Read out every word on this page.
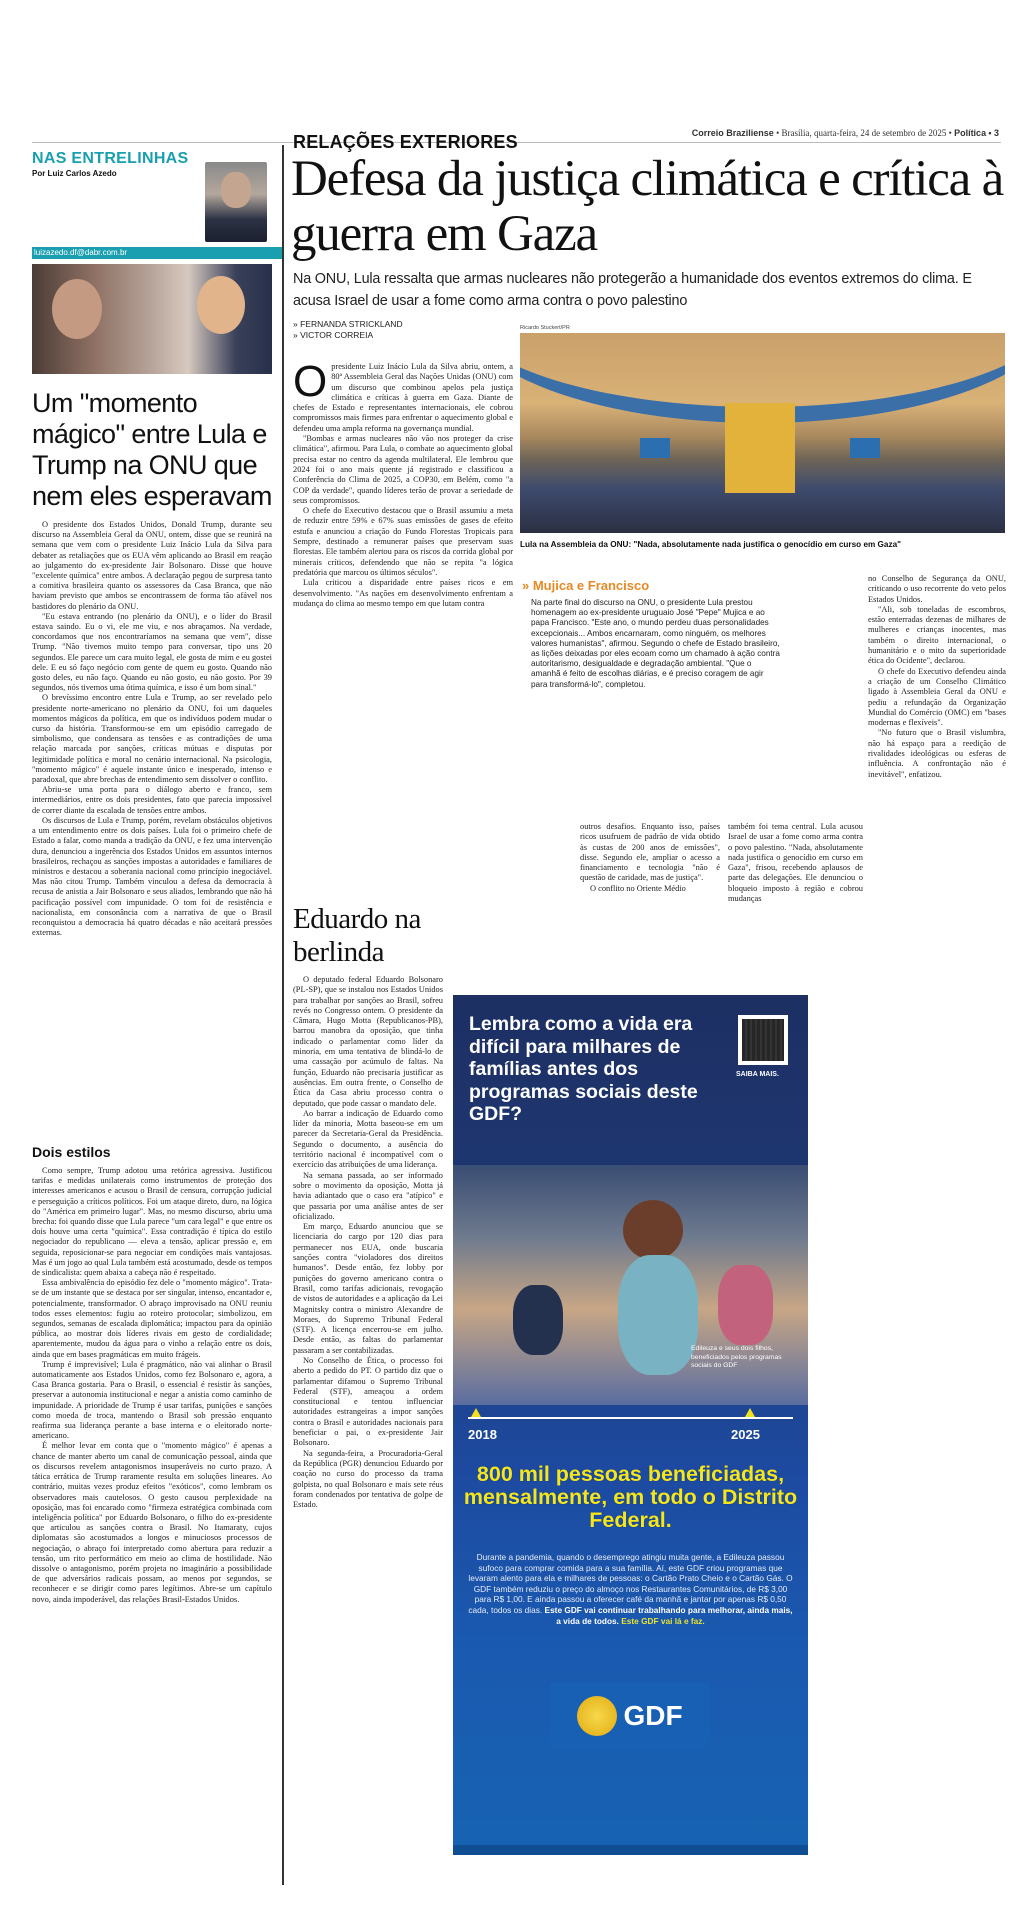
Correio Braziliense • Brasília, quarta-feira, 24 de setembro de 2025 • Política • 3
NAS ENTRELINHAS
Por Luiz Carlos Azedo
luizazedo.df@dabr.com.br
Um "momento mágico" entre Lula e Trump na ONU que nem eles esperavam

O presidente dos Estados Unidos, Donald Trump, durante seu discurso na Assembleia Geral da ONU, ontem, disse que se reunirá na semana que vem com o presidente Luiz Inácio Lula da Silva para debater as retaliações que os EUA vêm aplicando ao Brasil em reação ao julgamento do ex-presidente Jair Bolsonaro. Disse que houve "excelente química" entre ambos. A declaração pegou de surpresa tanto a comitiva brasileira quanto os assessores da Casa Branca, que não haviam previsto que ambos se encontrassem de forma tão afável nos bastidores do plenário da ONU.

"Eu estava entrando (no plenário da ONU), e o líder do Brasil estava saindo. Eu o vi, ele me viu, e nos abraçamos. Na verdade, concordamos que nos encontraríamos na semana que vem", disse Trump. "Não tivemos muito tempo para conversar, tipo uns 20 segundos. Ele parece um cara muito legal, ele gosta de mim e eu gostei dele. E eu só faço negócio com gente de quem eu gosto. Quando não gosto deles, eu não faço. Quando eu não gosto, eu não gosto. Por 39 segundos, nós tivemos uma ótima química, e isso é um bom sinal."

O brevíssimo encontro entre Lula e Trump, ao ser revelado pelo presidente norte-americano no plenário da ONU, foi um daqueles momentos mágicos da política, em que os indivíduos podem mudar o curso da história. Transformou-se em um episódio carregado de simbolismo, que condensara as tensões e as contradições de uma relação marcada por sanções, críticas mútuas e disputas por legitimidade política e moral no cenário internacional. Na psicologia, "momento mágico" é aquele instante único e inesperado, intenso e paradoxal, que abre brechas de entendimento sem dissolver o conflito.

Abriu-se uma porta para o diálogo aberto e franco, sem intermediários, entre os dois presidentes, fato que parecia impossível de correr diante da escalada de tensões entre ambos.

Os discursos de Lula e Trump, porém, revelam obstáculos objetivos a um entendimento entre os dois países. Lula foi o primeiro chefe de Estado a falar, como manda a tradição da ONU, e fez uma intervenção dura, denunciou a ingerência dos Estados Unidos em assuntos internos brasileiros, rechaçou as sanções impostas a autoridades e familiares de ministros e destacou a soberania nacional como princípio inegociável. Mas não citou Trump. Também vinculou a defesa da democracia à recusa de anistia a Jair Bolsonaro e seus aliados, lembrando que não há pacificação possível com impunidade. O tom foi de resistência e nacionalista, em consonância com a narrativa de que o Brasil reconquistou a democracia há quatro décadas e não aceitará pressões externas.

Dois estilos

Como sempre, Trump adotou uma retórica agressiva. Justificou tarifas e medidas unilaterais como instrumentos de proteção dos interesses americanos e acusou o Brasil de censura, corrupção judicial e perseguição a críticos políticos. Foi um ataque direto, duro, na lógica do "América em primeiro lugar". Mas, no mesmo discurso, abriu uma brecha: foi quando disse que Lula parece "um cara legal" e que entre os dois houve uma certa "química". Essa contradição é típica do estilo negociador do republicano — eleva a tensão, aplicar pressão e, em seguida, reposicionar-se para negociar em condições mais vantajosas. Mas é um jogo ao qual Lula também está acostumado, desde os tempos de sindicalista: quem abaixa a cabeça não é respeitado.

Essa ambivalência do episódio fez dele o "momento mágico". Trata-se de um instante que se destaca por ser singular, intenso, encantador e, potencialmente, transformador. O abraço improvisado na ONU reuniu todos esses elementos: fugiu ao roteiro protocolar; simbolizou, em segundos, semanas de escalada diplomática; impactou para da opinião pública, ao mostrar dois líderes rivais em gesto de cordialidade; aparentemente, mudou da água para o vinho a relação entre os dois, ainda que em bases pragmáticas em muito frágeis.

Trump é imprevisível; Lula é pragmático, não vai alinhar o Brasil automaticamente aos Estados Unidos, como fez Bolsonaro e, agora, a Casa Branca gostaria. Para o Brasil, o essencial é resistir às sanções, preservar a autonomia institucional e negar a anistia como caminho de impunidade. A prioridade de Trump é usar tarifas, punições e sanções como moeda de troca, mantendo o Brasil sob pressão enquanto reafirma sua liderança perante a base interna e o eleitorado norte-americano.

É melhor levar em conta que o "momento mágico" é apenas a chance de manter aberto um canal de comunicação pessoal, ainda que os discursos revelem antagonismos insuperáveis no curto prazo. A tática errática de Trump raramente resulta em soluções lineares. Ao contrário, muitas vezes produz efeitos "exóticos", como lembram os observadores mais cautelosos. O gesto causou perplexidade na oposição, mas foi encarado como "firmeza estratégica combinada com inteligência política" por Eduardo Bolsonaro, o filho do ex-presidente que articulou as sanções contra o Brasil. No Itamaraty, cujos diplomatas são acostumados a longos e minuciosos processos de negociação, o abraço foi interpretado como abertura para reduzir a tensão, um rito performático em meio ao clima de hostilidade. Não dissolve o antagonismo, porém projeta no imaginário a possibilidade de que adversários radicais possam, ao menos por segundos, se reconhecer e se dirigir como pares legítimos. Abre-se um capítulo novo, ainda impoderável, das relações Brasil-Estados Unidos.

RELAÇÕES EXTERIORES
Defesa da justiça climática e crítica à guerra em Gaza
Na ONU, Lula ressalta que armas nucleares não protegerão a humanidade dos eventos extremos do clima. E acusa Israel de usar a fome como arma contra o povo palestino
» FERNANDA STRICKLAND
» VICTOR CORREIA
Ricardo Stuckert/PR
Lula na Assembleia da ONU: "Nada, absolutamente nada justifica o genocídio em curso em Gaza"
O presidente Luiz Inácio Lula da Silva abriu, ontem, a 80ª Assembleia Geral das Nações Unidas (ONU) com um discurso que combinou apelos pela justiça climática e críticas à guerra em Gaza. Diante de chefes de Estado e representantes internacionais, ele cobrou compromissos mais firmes para enfrentar o aquecimento global e defendeu uma ampla reforma na governança mundial.

"Bombas e armas nucleares não vão nos proteger da crise climática", afirmou. Para Lula, o combate ao aquecimento global precisa estar no centro da agenda multilateral. Ele lembrou que 2024 foi o ano mais quente já registrado e classificou a Conferência do Clima de 2025, a COP30, em Belém, como "a COP da verdade", quando líderes terão de provar a seriedade de seus compromissos.

O chefe do Executivo destacou que o Brasil assumiu a meta de reduzir entre 59% e 67% suas emissões de gases de efeito estufa e anunciou a criação do Fundo Florestas Tropicais para Sempre, destinado a remunerar países que preservam suas florestas. Ele também alertou para os riscos da corrida global por minerais críticos, defendendo que não se repita "a lógica predatória que marcou os últimos séculos".

Lula criticou a disparidade entre países ricos e em desenvolvimento. "As nações em desenvolvimento enfrentam a mudança do clima ao mesmo tempo em que lutam contra

» Mujica e Francisco
Na parte final do discurso na ONU, o presidente Lula prestou homenagem ao ex-presidente uruguaio José "Pepe" Mujica e ao papa Francisco. "Este ano, o mundo perdeu duas personalidades excepcionais... Ambos encarnaram, como ninguém, os melhores valores humanistas", afirmou. Segundo o chefe de Estado brasileiro, as lições deixadas por eles ecoam como um chamado à ação contra autoritarismo, desigualdade e degradação ambiental. "Que o amanhã é feito de escolhas diárias, e é preciso coragem de agir para transformá-lo", completou.

outros desafios. Enquanto isso, países ricos usufruem de padrão de vida obtido às custas de 200 anos de emissões", disse. Segundo ele, ampliar o acesso a financiamento e tecnologia "não é questão de caridade, mas de justiça".

O conflito no Oriente Médio

também foi tema central. Lula acusou Israel de usar a fome como arma contra o povo palestino. "Nada, absolutamente nada justifica o genocídio em curso em Gaza", frisou, recebendo aplausos de parte das delegações. Ele denunciou o bloqueio imposto à região e cobrou mudanças

no Conselho de Segurança da ONU, criticando o uso recorrente do veto pelos Estados Unidos.

"Ali, sob toneladas de escombros, estão enterradas dezenas de milhares de mulheres e crianças inocentes, mas também o direito internacional, o humanitário e o mito da superioridade ética do Ocidente", declarou.

O chefe do Executivo defendeu ainda a criação de um Conselho Climático ligado à Assembleia Geral da ONU e pediu a refundação da Organização Mundial do Comércio (OMC) em "bases modernas e flexíveis".

"No futuro que o Brasil vislumbra, não há espaço para a reedição de rivalidades ideológicas ou esferas de influência. A confrontação não é inevitável", enfatizou.

Eduardo na berlinda

O deputado federal Eduardo Bolsonaro (PL-SP), que se instalou nos Estados Unidos para trabalhar por sanções ao Brasil, sofreu revés no Congresso ontem. O presidente da Câmara, Hugo Motta (Republicanos-PB), barrou manobra da oposição, que tinha indicado o parlamentar como líder da minoria, em uma tentativa de blindá-lo de uma cassação por acúmulo de faltas. Na função, Eduardo não precisaria justificar as ausências. Em outra frente, o Conselho de Ética da Casa abriu processo contra o deputado, que pode cassar o mandato dele.

Ao barrar a indicação de Eduardo como líder da minoria, Motta baseou-se em um parecer da Secretaria-Geral da Presidência. Segundo o documento, a ausência do território nacional é incompatível com o exercício das atribuições de uma liderança.

Na semana passada, ao ser informado sobre o movimento da oposição, Motta já havia adiantado que o caso era "atípico" e que passaria por uma análise antes de ser oficializado.

Em março, Eduardo anunciou que se licenciaria do cargo por 120 dias para permanecer nos EUA, onde buscaria sanções contra "violadores dos direitos humanos". Desde então, fez lobby por punições do governo americano contra o Brasil, como tarifas adicionais, revogação de vistos de autoridades e a aplicação da Lei Magnitsky contra o ministro Alexandre de Moraes, do Supremo Tribunal Federal (STF). A licença encerrou-se em julho. Desde então, as faltas do parlamentar passaram a ser contabilizadas.

No Conselho de Ética, o processo foi aberto a pedido do PT. O partido diz que o parlamentar difamou o Supremo Tribunal Federal (STF), ameaçou a ordem constitucional e tentou influenciar autoridades estrangeiras a impor sanções contra o Brasil e autoridades nacionais para beneficiar o pai, o ex-presidente Jair Bolsonaro.

Na segunda-feira, a Procuradoria-Geral da República (PGR) denunciou Eduardo por coação no curso do processo da trama golpista, no qual Bolsonaro e mais sete réus foram condenados por tentativa de golpe de Estado.

Lembra como a vida era difícil para milhares de famílias antes dos programas sociais deste GDF?
SAIBA MAIS.
Edileuza e seus dois filhos, beneficiados pelos programas sociais do GDF
2018	2025
800 mil pessoas beneficiadas, mensalmente, em todo o Distrito Federal.
Durante a pandemia, quando o desemprego atingiu muita gente, a Edileuza passou sufoco para comprar comida para a sua família. Aí, este GDF criou programas que levaram alento para ela e milhares de pessoas: o Cartão Prato Cheio e o Cartão Gás. O GDF também reduziu o preço do almoço nos Restaurantes Comunitários, de R$ 3,00 para R$ 1,00. E ainda passou a oferecer café da manhã e jantar por apenas R$ 0,50 cada, todos os dias. Este GDF vai continuar trabalhando para melhorar, ainda mais, a vida de todos. Este GDF vai lá e faz.
GDF
